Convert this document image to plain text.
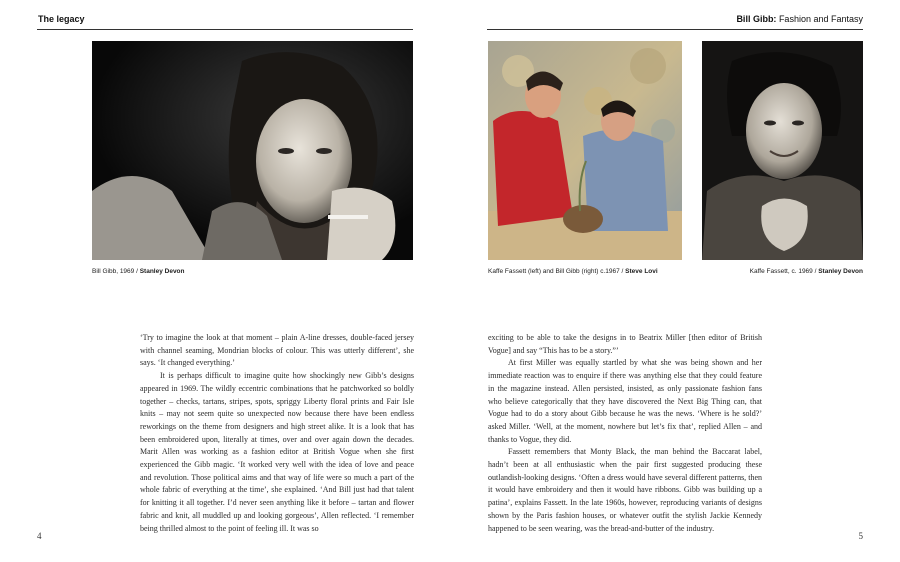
The legacy	Bill Gibb: Fashion and Fantasy
Bill Gibb, 1969 / Stanley Devon	Kaffe Fassett (left) and Bill Gibb (right) c.1967 / Steve Lovi	Kaffe Fassett, c. 1969 / Stanley Devon

‘Try to imagine the look at that moment – plain A-line dresses, double-faced jersey with channel seaming, Mondrian blocks of colour. This was utterly different’, she says. ‘It changed everything.’

It is perhaps difficult to imagine quite how shockingly new Gibb’s designs appeared in 1969. The wildly eccentric combinations that he patchworked so boldly together – checks, tartans, stripes, spots, spriggy Liberty floral prints and Fair Isle knits – may not seem quite so unexpected now because there have been endless reworkings on the theme from designers and high street alike. It is a look that has been embroidered upon, literally at times, over and over again down the decades. Marit Allen was working as a fashion editor at British Vogue when she first experienced the Gibb magic. ‘It worked very well with the idea of love and peace and revolution. Those political aims and that way of life were so much a part of the whole fabric of everything at the time’, she explained. ‘And Bill just had that talent for knitting it all together. I’d never seen anything like it before – tartan and flower fabric and knit, all muddled up and looking gorgeous’, Allen reflected. ‘I remember being thrilled almost to the point of feeling ill. It was so

exciting to be able to take the designs in to Beatrix Miller [then editor of British Vogue] and say “This has to be a story.”’

At first Miller was equally startled by what she was being shown and her immediate reaction was to enquire if there was anything else that they could feature in the magazine instead. Allen persisted, insisted, as only passionate fashion fans who believe categorically that they have discovered the Next Big Thing can, that Vogue had to do a story about Gibb because he was the news. ‘Where is he sold?’ asked Miller. ‘Well, at the moment, nowhere but let’s fix that’, replied Allen – and thanks to Vogue, they did.

Fassett remembers that Monty Black, the man behind the Baccarat label, hadn’t been at all enthusiastic when the pair first suggested producing these outlandish-looking designs. ‘Often a dress would have several different patterns, then it would have embroidery and then it would have ribbons. Gibb was building up a patina’, explains Fassett. In the late 1960s, however, reproducing variants of designs shown by the Paris fashion houses, or whatever outfit the stylish Jackie Kennedy happened to be seen wearing, was the bread-and-butter of the industry.

4	5
